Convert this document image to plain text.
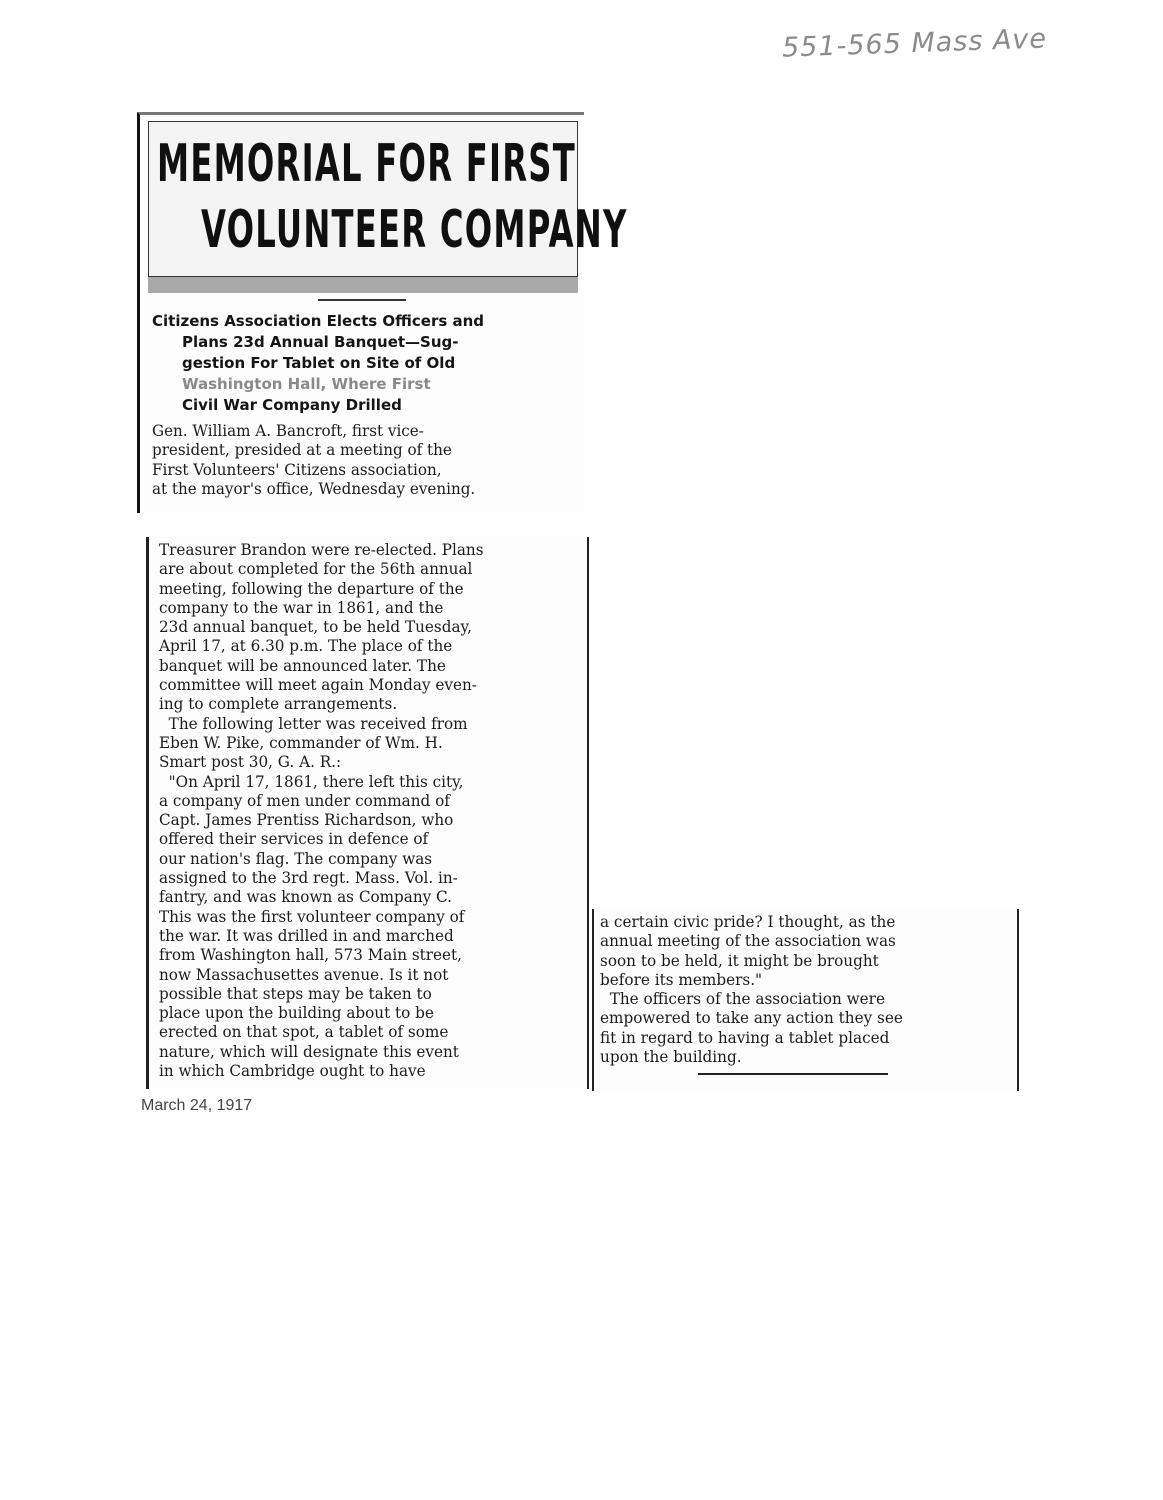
551-565 Mass Ave
MEMORIAL FOR FIRST
VOLUNTEER COMPANY
Citizens Association Elects Officers and
Plans 23d Annual Banquet—Sug-
gestion For Tablet on Site of Old
Washington Hall, Where First
Civil War Company Drilled
Gen. William A. Bancroft, first vice-
president, presided at a meeting of the
First Volunteers' Citizens association,
at the mayor's office, Wednesday evening.
Treasurer Brandon were re-elected. Plans
are about completed for the 56th annual
meeting, following the departure of the
company to the war in 1861, and the
23d annual banquet, to be held Tuesday,
April 17, at 6.30 p.m. The place of the
banquet will be announced later. The
committee will meet again Monday even-
ing to complete arrangements.
The following letter was received from
Eben W. Pike, commander of Wm. H.
Smart post 30, G. A. R.:
"On April 17, 1861, there left this city,
a company of men under command of
Capt. James Prentiss Richardson, who
offered their services in defence of
our nation's flag. The company was
assigned to the 3rd regt. Mass. Vol. in-
fantry, and was known as Company C.
This was the first volunteer company of
the war. It was drilled in and marched
from Washington hall, 573 Main street,
now Massachusettes avenue. Is it not
possible that steps may be taken to
place upon the building about to be
erected on that spot, a tablet of some
nature, which will designate this event
in which Cambridge ought to have
a certain civic pride? I thought, as the
annual meeting of the association was
soon to be held, it might be brought
before its members."
The officers of the association were
empowered to take any action they see
fit in regard to having a tablet placed
upon the building.
March 24, 1917
